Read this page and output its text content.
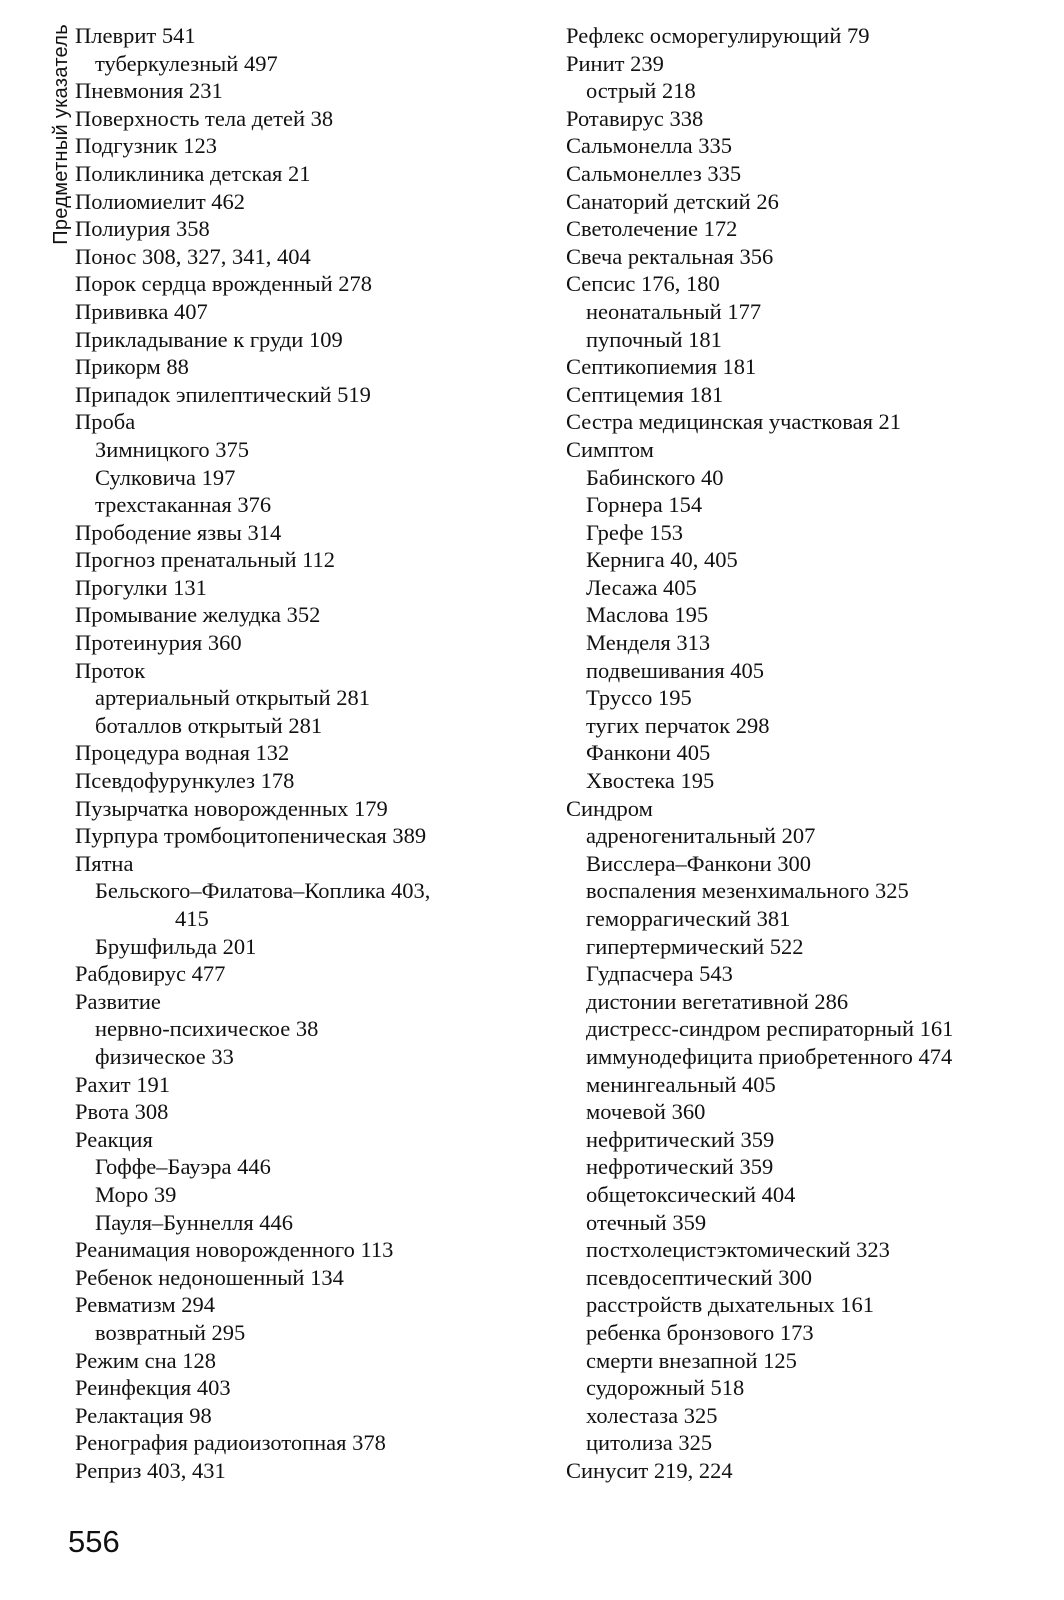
Предметный указатель Плеврит 541
туберкулезный 497
Пневмония 231
Поверхность тела детей 38
Подгузник 123
Поликлиника детская 21
Полиомиелит 462
Полиурия 358
Понос 308, 327, 341, 404
Порок сердца врожденный 278
Прививка 407
Прикладывание к груди 109
Прикорм 88
Припадок эпилептический 519
Проба
Зимницкого 375
Сулковича 197
трехстаканная 376
Прободение язвы 314
Прогноз пренатальный 112
Прогулки 131
Промывание желудка 352
Протеинурия 360
Проток
артериальный открытый 281
боталлов открытый 281
Процедура водная 132
Псевдофурункулез 178
Пузырчатка новорожденных 179
Пурпура тромбоцитопеническая 389
Пятна
Бельского–Филатова–Коплика 403,
415
Брушфильда 201
Рабдовирус 477
Развитие
нервно-психическое 38
физическое 33
Рахит 191
Рвота 308
Реакция
Гоффе–Бауэра 446
Моро 39
Пауля–Буннелля 446
Реанимация новорожденного 113
Ребенок недоношенный 134
Ревматизм 294
возвратный 295
Режим сна 128
Реинфекция 403
Релактация 98
Ренография радиоизотопная 378
Реприз 403, 431
Рефлекс осморегулирующий 79
Ринит 239
острый 218
Ротавирус 338
Сальмонелла 335
Сальмонеллез 335
Санаторий детский 26
Светолечение 172
Свеча ректальная 356
Сепсис 176, 180
неонатальный 177
пупочный 181
Септикопиемия 181
Септицемия 181
Сестра медицинская участковая 21
Симптом
Бабинского 40
Горнера 154
Грефе 153
Кернига 40, 405
Лесажа 405
Маслова 195
Менделя 313
подвешивания 405
Труссо 195
тугих перчаток 298
Фанкони 405
Хвостека 195
Синдром
адреногенитальный 207
Висслера–Фанкони 300
воспаления мезенхимального 325
геморрагический 381
гипертермический 522
Гудпасчера 543
дистонии вегетативной 286
дистресс-синдром респираторный 161
иммунодефицита приобретенного 474
менингеальный 405
мочевой 360
нефритический 359
нефротический 359
общетоксический 404
отечный 359
постхолецистэктомический 323
псевдосептический 300
расстройств дыхательных 161
ребенка бронзового 173
смерти внезапной 125
судорожный 518
холестаза 325
цитолиза 325
Синусит 219, 224
556
